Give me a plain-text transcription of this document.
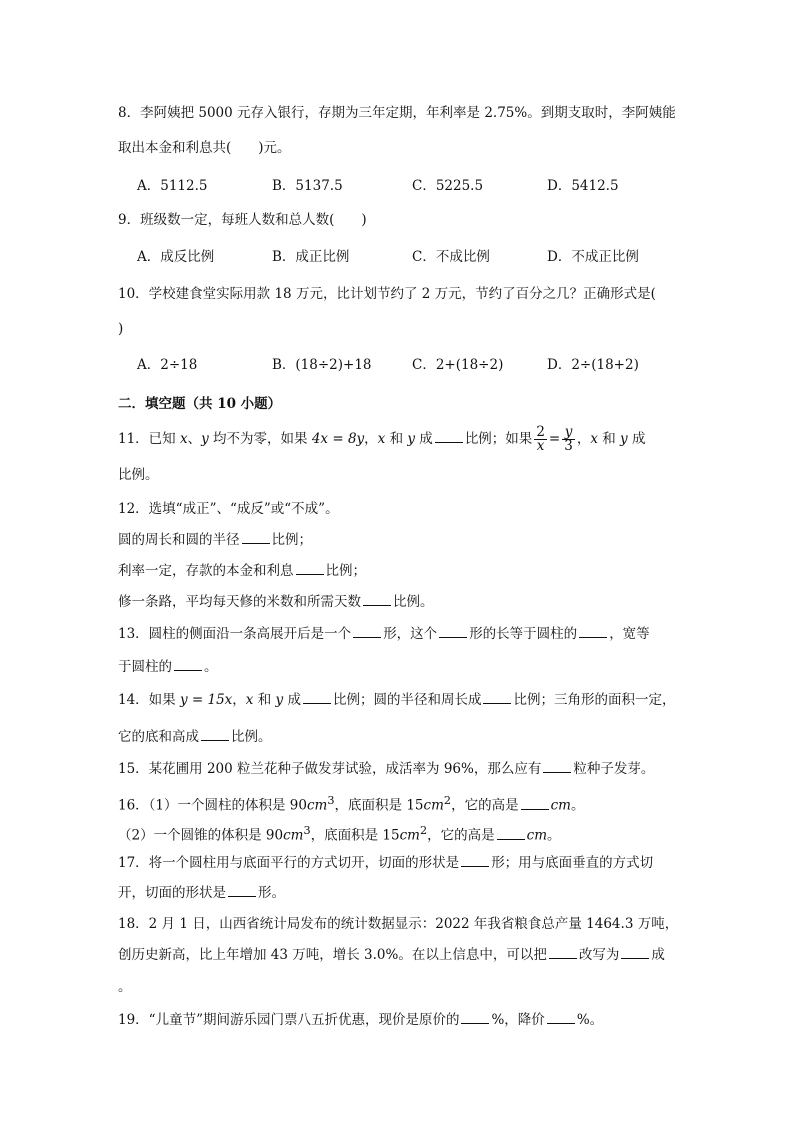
8．李阿姨把 5000 元存入银行，存期为三年定期，年利率是 2.75%。到期支取时，李阿姨能
取出本金和利息共(　　)元。
A．5112.5	B．5137.5	C．5225.5	D．5412.5
9．班级数一定，每班人数和总人数(　　)
A．成反比例	B．成正比例	C．不成比例	D．不成正比例
10．学校建食堂实际用款 18 万元，比计划节约了 2 万元，节约了百分之几？正确形式是(
)
A．2÷18	B．(18÷2)+18	C．2+(18÷2)	D．2÷(18+2)
二．填空题（共 10 小题）
11．已知 x、y 均不为零，如果 4x = 8y，x 和 y 成 比例；如果 $\frac{2}{x} = \frac{y}{3}$ ，x 和 y 成
比例。
12．选填“成正”、“成反”或“不成”。
圆的周长和圆的半径 比例；
利率一定，存款的本金和利息 比例；
修一条路，平均每天修的米数和所需天数 比例。
13．圆柱的侧面沿一条高展开后是一个 形，这个 形的长等于圆柱的 ，宽等
于圆柱的 。
14．如果 y = 15x，x 和 y 成 比例；圆的半径和周长成 比例；三角形的面积一定，
它的底和高成 比例。
15．某花圃用 200 粒兰花种子做发芽试验，成活率为 96%，那么应有 粒种子发芽。
16．（1）一个圆柱的体积是 $90cm^3$，底面积是 $15cm^2$，它的高是 cm。
（2）一个圆锥的体积是 $90cm^3$，底面积是 $15cm^2$，它的高是 cm。
17．将一个圆柱用与底面平行的方式切开，切面的形状是 形；用与底面垂直的方式切
开，切面的形状是 形。
18．2 月 1 日，山西省统计局发布的统计数据显示：2022 年我省粮食总产量 1464.3 万吨，
创历史新高，比上年增加 43 万吨，增长 3.0%。在以上信息中，可以把 改写为 成
。
19．“儿童节”期间游乐园门票八五折优惠，现价是原价的 %，降价 %。
